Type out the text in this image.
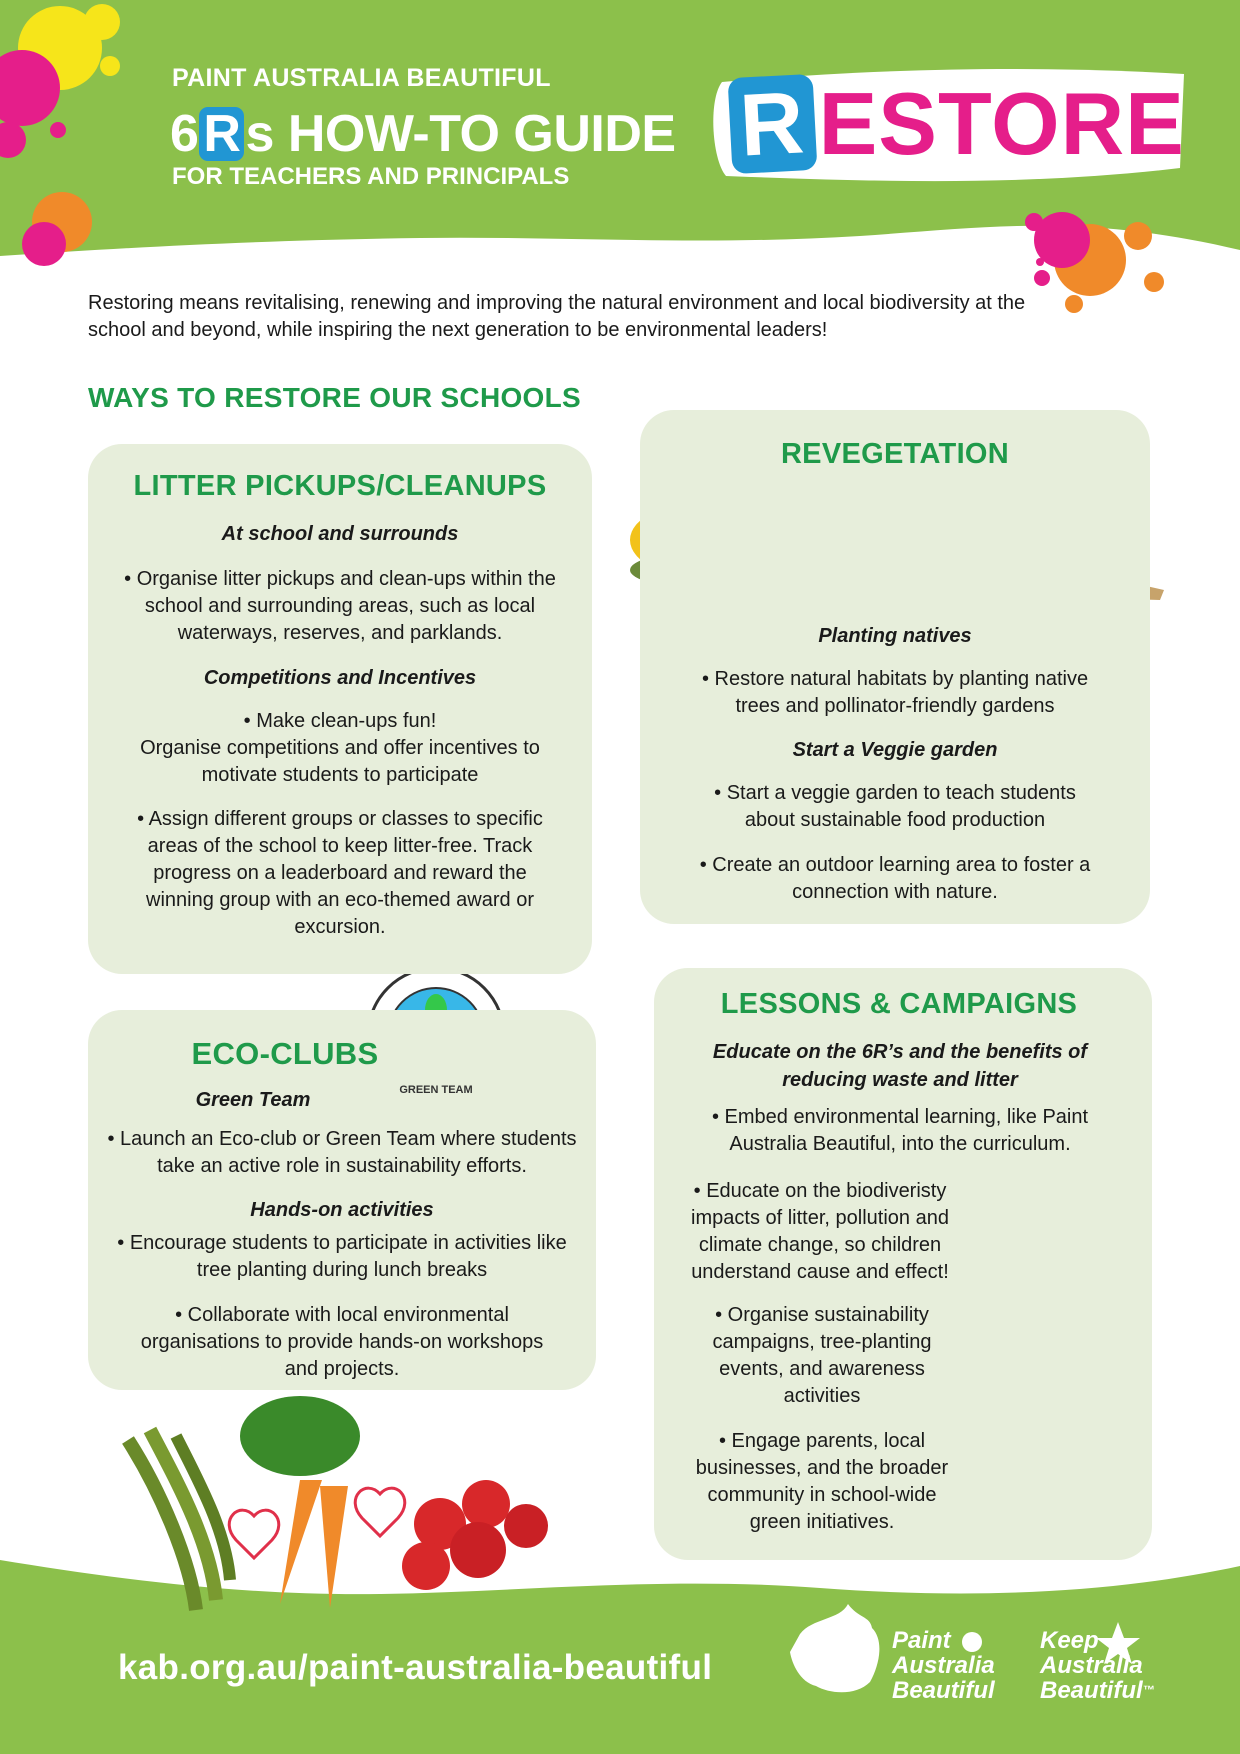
PAINT AUSTRALIA BEAUTIFUL
6Rs HOW-TO GUIDE
FOR TEACHERS AND PRINCIPALS
R ESTORE
Restoring means revitalising, renewing and improving the natural environment and local biodiversity at the school and beyond, while inspiring the next generation to be environmental leaders!
WAYS TO RESTORE OUR SCHOOLS
LITTER PICKUPS/CLEANUPS
At school and surrounds
• Organise litter pickups and clean-ups within the school and surrounding areas, such as local waterways, reserves, and parklands.
Competitions and Incentives
• Make clean-ups fun!
Organise competitions and offer incentives to motivate students to participate
• Assign different groups or classes to specific areas of the school to keep litter-free. Track progress on a leaderboard and reward the winning group with an eco-themed award or excursion.
REVEGETATION
Planting natives
• Restore natural habitats by planting native trees and pollinator-friendly gardens
Start a Veggie garden
• Start a veggie garden to teach students about sustainable food production
• Create an outdoor learning area to foster a connection with nature.
ECO-CLUBS
GREEN TEAM
Green Team
• Launch an Eco-club or Green Team where students take an active role in sustainability efforts.
Hands-on activities
• Encourage students to participate in activities like tree planting during lunch breaks
• Collaborate with local environmental organisations to provide hands-on workshops and projects.
LESSONS & CAMPAIGNS
Educate on the 6R’s and the benefits of reducing waste and litter
• Embed environmental learning, like Paint Australia Beautiful, into the curriculum.
• Educate on the biodiveristy impacts of litter, pollution and climate change, so children understand cause and effect!
• Organise sustainability campaigns, tree-planting events, and awareness activities
• Engage parents, local businesses, and the broader community in school-wide green initiatives.
kab.org.au/paint-australia-beautiful
Paint
Australia
Beautiful
Keep
Australia
Beautiful™
